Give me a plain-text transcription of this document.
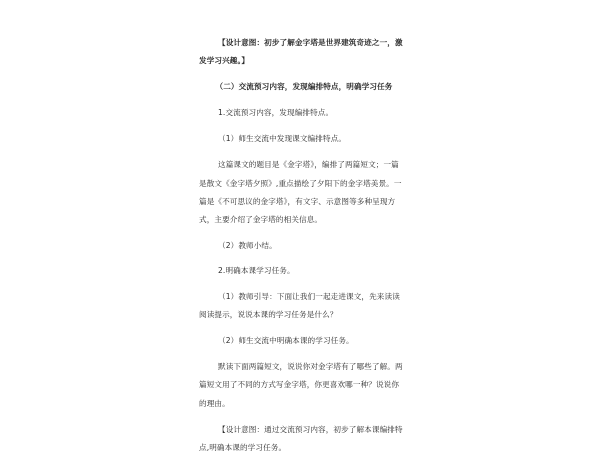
【设计意图：初步了解金字塔是世界建筑奇迹之一，激

发学习兴趣。】

（二）交流预习内容，发现编排特点，明确学习任务

1.交流预习内容，发现编排特点。

（1）师生交流中发现课文编排特点。

这篇课文的题目是《金字塔》，编排了两篇短文；一篇

是散文《金字塔夕照》,重点描绘了夕阳下的金字塔美景。一

篇是《不可思议的金字塔》，有文字、示意图等多种呈现方

式，主要介绍了金字塔的相关信息。

（2）教师小结。

2.明确本课学习任务。

（1）教师引导：下面让我们一起走进课文，先来读读

阅读提示，说说本课的学习任务是什么？

（2）师生交流中明确本课的学习任务。

默读下面两篇短文，说说你对金字塔有了哪些了解。两

篇短文用了不同的方式写金字塔，你更喜欢哪一种？说说你

的理由。

【设计意图：通过交流预习内容，初步了解本课编排特

点,明确本课的学习任务。
